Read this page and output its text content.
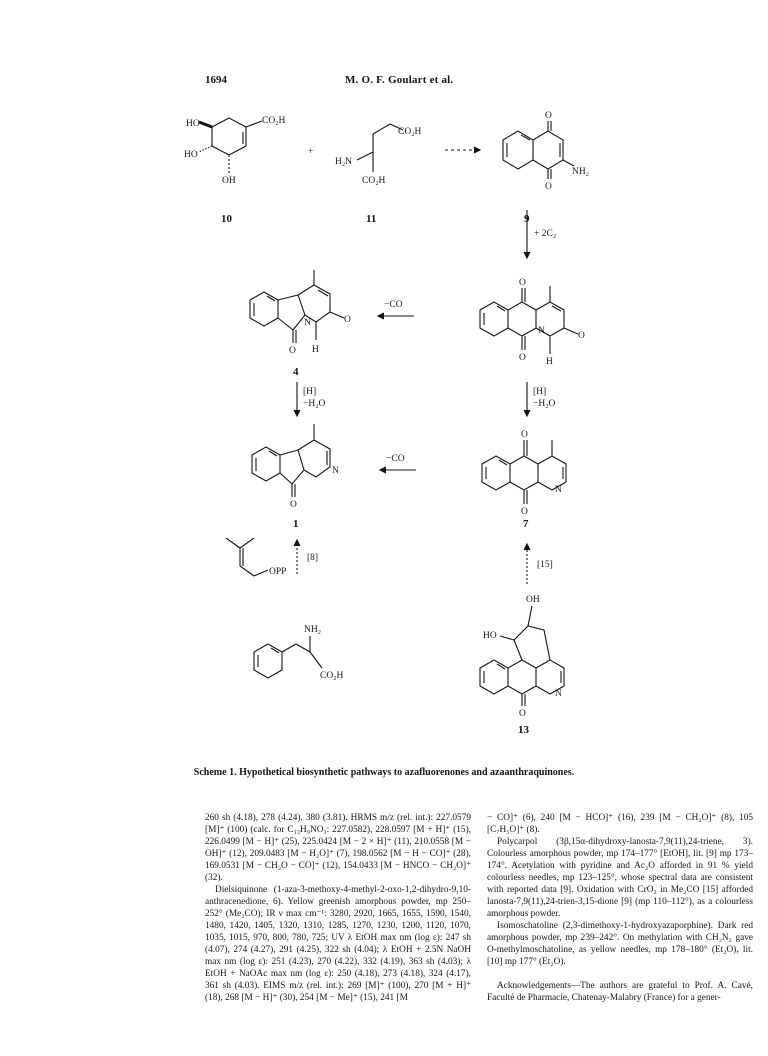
1694	M. O. F. Goulart et al.
HO	CO₂H
HO
OH
CO₂H
H₂N
CO₂H
O
O
NH₂
N	O
H
O
N
O
O
O
N	O
H
O
O
N
OPP
NH₂
CO₂H
OH
HO
N
O
+
+ 2C₂
−CO
[H]
−H₂O
[H]
−H₂O
−CO
[8]
[15]
10	11	9
4
1	7
13
Scheme 1. Hypothetical biosynthetic pathways to azafluorenones and azaanthraquinones.

260 sh (4.18), 278 (4.24), 380 (3.81). HRMS m/z (rel. int.): 227.0579 [M]⁺ (100) (calc. for C₁₃H₉NO₃: 227.0582), 228.0597 [M + H]⁺ (15), 226.0499 [M − H]⁺ (25), 225.0424 [M − 2 × H]⁺ (11), 210.0558 [M − OH]⁺ (12), 209.0483 [M − H₂O]⁺ (7), 198.0562 [M − H − CO]⁺ (28), 169.0531 [M − CH₂O − CO]⁺ (12), 154.0433 [M − HNCO − CH₂O]⁺ (32).

Dielsiquinone (1-aza-3-methoxy-4-methyl-2-oxo-1,2-dihydro-9,10-anthracenedione, 6). Yellow greenish amorphous powder, mp 250–252° (Me₂CO); IR ν max cm⁻¹: 3280, 2920, 1665, 1655, 1590, 1540, 1480, 1420, 1405, 1320, 1310, 1285, 1270, 1230, 1200, 1120, 1070, 1035, 1015, 970, 800, 780, 725; UV λ EtOH max nm (log ε): 247 sh (4.07), 274 (4.27), 291 (4.25), 322 sh (4.04); λ EtOH + 2.5N NaOH max nm (log ε): 251 (4.23), 270 (4.22), 332 (4.19), 363 sh (4.03); λ EtOH + NaOAc max nm (log ε): 250 (4.18), 273 (4.18), 324 (4.17), 361 sh (4.03). EIMS m/z (rel. int.): 269 [M]⁺ (100), 270 [M + H]⁺ (18), 268 [M − H]⁺ (30), 254 [M − Me]⁺ (15), 241 [M

− CO]⁺ (6), 240 [M − HCO]⁺ (16), 239 [M − CH₂O]⁺ (8), 105 [C₇H₅O]⁺ (8).

Polycarpol (3β,15α-dihydroxy-lanosta-7,9(11),24-triene, 3). Colourless amorphous powder, mp 174–177° [EtOH], lit. [9] mp 173–174°. Acetylation with pyridine and Ac₂O afforded in 91 % yield colourless needles, mp 123–125°, whose spectral data are consistent with reported data [9]. Oxidation with CrO₃ in Me₂CO [15] afforded lanosta-7,9(11),24-trien-3,15-dione [9] (mp 110–112°), as a colourless amorphous powder.

Isomoschatoline (2,3-dimethoxy-1-hydroxyazaporphine). Dark red amorphous powder, mp 239–242°. On methylation with CH₂N₂ gave O-methylmoschatoline, as yellow needles, mp 178–180° (Et₂O), lit. [10] mp 177° (Et₂O).

Acknowledgements—The authors are grateful to Prof. A. Cavé, Faculté de Pharmacie, Chatenay-Malabry (France) for a gener-
